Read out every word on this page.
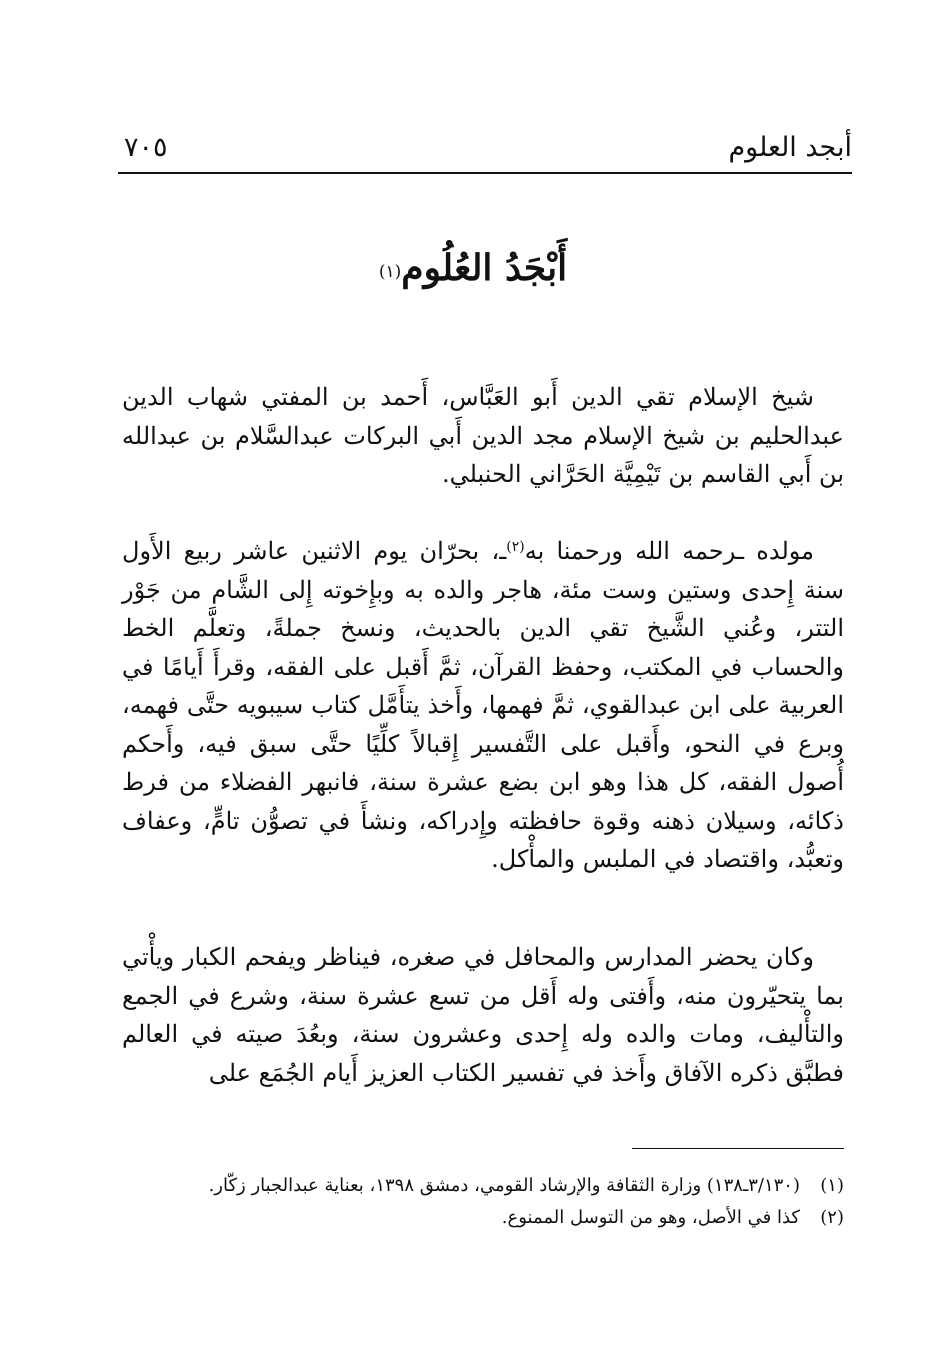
أبجد العلوم
٧٠٥
أَبْجَدُ العُلُوم$^{(١)}$

شيخ الإسلام تقي الدين أَبو العَبَّاس، أَحمد بن المفتي شهاب الدين عبدالحليم بن شيخ الإسلام مجد الدين أَبي البركات عبدالسَّلام بن عبدالله بن أَبي القاسم بن تَيْمِيَّة الحَرَّاني الحنبلي.

مولده ـرحمه الله ورحمنا به$^{(٢)}$ـ، بحرّان يوم الاثنين عاشر ربيع الأَول سنة إِحدى وستين وست مئة، هاجر والده به وبإِخوته إِلى الشَّام من جَوْر التتر، وعُني الشَّيخ تقي الدين بالحديث، ونسخ جملةً، وتعلَّم الخط والحساب في المكتب، وحفظ القرآن، ثمَّ أَقبل على الفقه، وقرأَ أَيامًا في العربية على ابن عبدالقوي، ثمَّ فهمها، وأَخذ يتأَمَّل كتاب سيبويه حتَّى فهمه، وبرع في النحو، وأَقبل على التَّفسير إِقبالاً كلِّيًا حتَّى سبق فيه، وأَحكم أُصول الفقه، كل هذا وهو ابن بضع عشرة سنة، فانبهر الفضلاء من فرط ذكائه، وسيلان ذهنه وقوة حافظته وإِدراكه، ونشأَ في تصوُّن تامٍّ، وعفاف وتعبُّد، واقتصاد في الملبس والمأْكل.

وكان يحضر المدارس والمحافل في صغره، فيناظر ويفحم الكبار ويأْتي بما يتحيّرون منه، وأَفتى وله أَقل من تسع عشرة سنة، وشرع في الجمع والتأْليف، ومات والده وله إِحدى وعشرون سنة، وبعُدَ صيته في العالم فطبَّق ذكره الآفاق وأَخذ في تفسير الكتاب العزيز أَيام الجُمَع على

(١)
(٣/١٣٠ـ١٣٨) وزارة الثقافة والإرشاد القومي، دمشق ١٣٩٨، بعناية عبدالجبار زكّار.
(٢)
كذا في الأصل، وهو من التوسل الممنوع.
